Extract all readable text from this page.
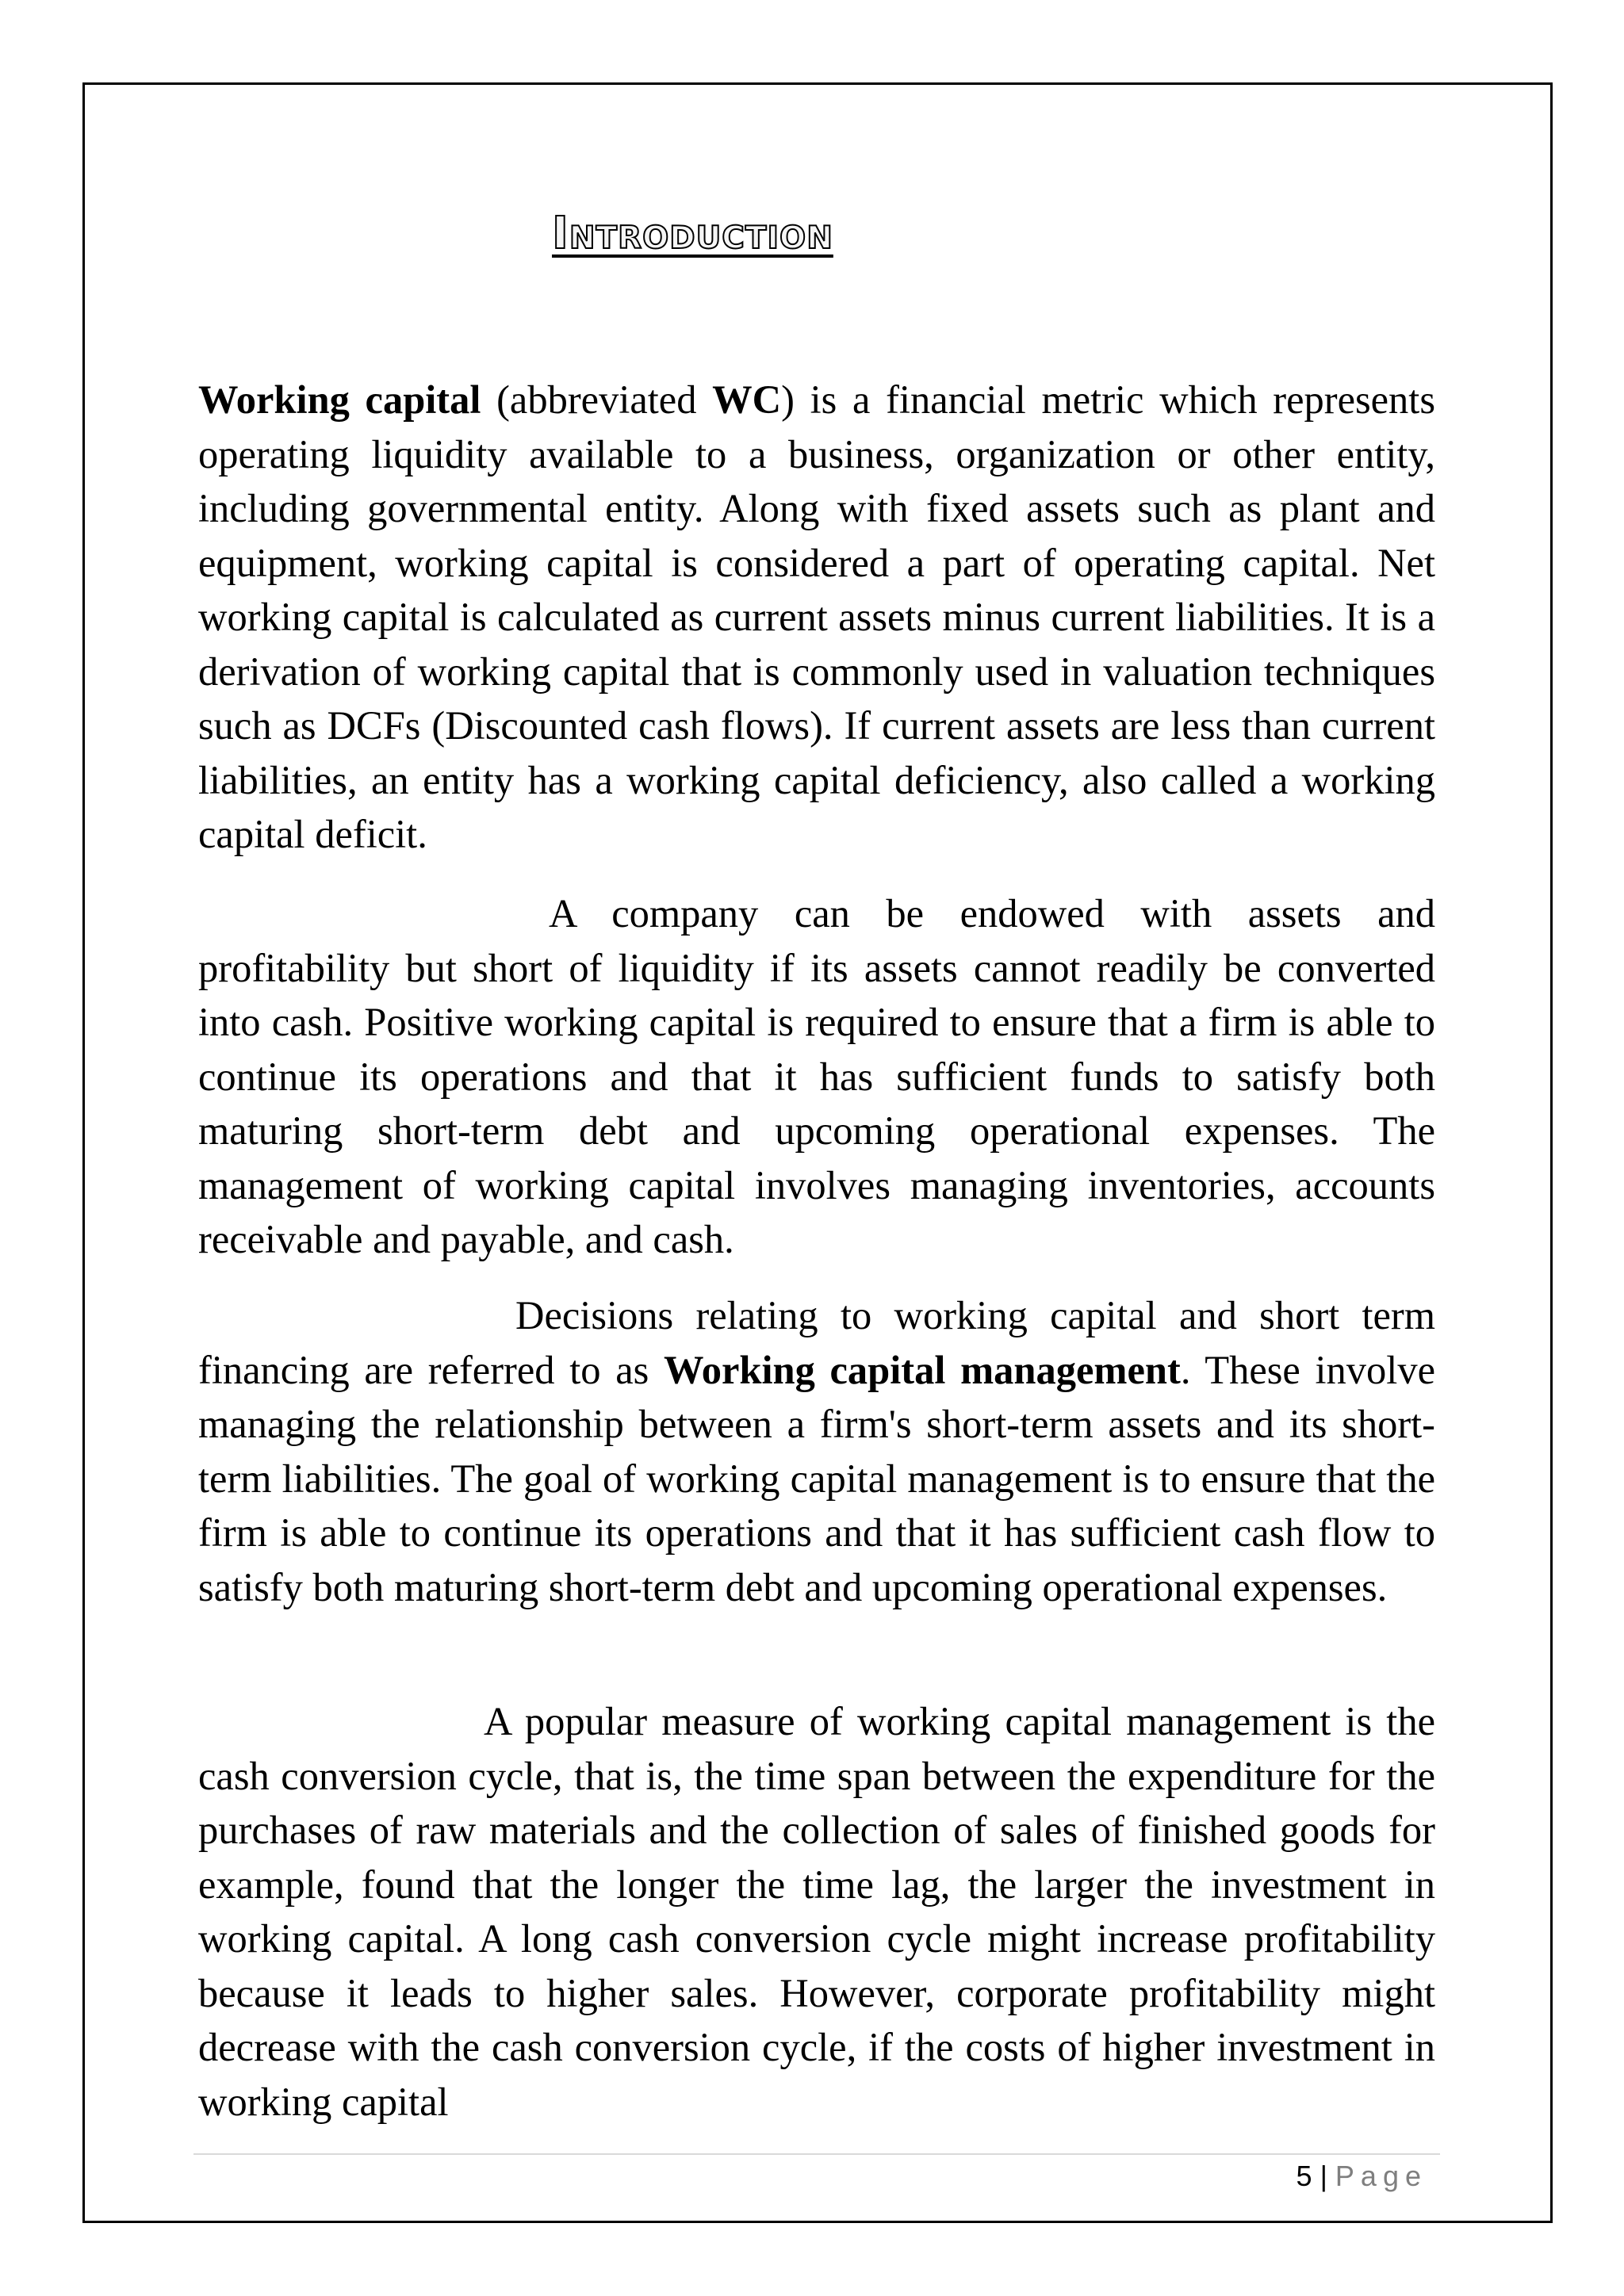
Introduction

Working capital (abbreviated WC) is a financial metric which represents operating liquidity available to a business, organization or other entity, including governmental entity. Along with fixed assets such as plant and equipment, working capital is considered a part of operating capital. Net working capital is calculated as current assets minus current liabilities. It is a derivation of working capital that is commonly used in valuation techniques such as DCFs (Discounted cash flows). If current assets are less than current liabilities, an entity has a working capital deficiency, also called a working capital deficit.

A company can be endowed with assets and profitability but short of liquidity if its assets cannot readily be converted into cash. Positive working capital is required to ensure that a firm is able to continue its operations and that it has sufficient funds to satisfy both maturing short-term debt and upcoming operational expenses. The management of working capital involves managing inventories, accounts receivable and payable, and cash.

Decisions relating to working capital and short term financing are referred to as Working capital management. These involve managing the relationship between a firm's short-term assets and its short-term liabilities. The goal of working capital management is to ensure that the firm is able to continue its operations and that it has sufficient cash flow to satisfy both maturing short-term debt and upcoming operational expenses.

A popular measure of working capital management is the cash conversion cycle, that is, the time span between the expenditure for the purchases of raw materials and the collection of sales of finished goods for example, found that the longer the time lag, the larger the investment in working capital. A long cash conversion cycle might increase profitability because it leads to higher sales. However, corporate profitability might decrease with the cash conversion cycle, if the costs of higher investment in working capital

5 | Page
